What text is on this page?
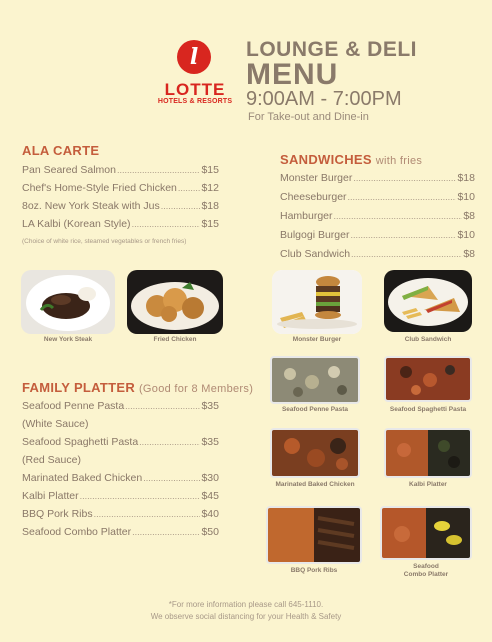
l
LOTTE
HOTELS & RESORTS
LOUNGE & DELI
MENU
9:00AM - 7:00PM
For Take-out and Dine-in
ALA CARTE
Pan Seared Salmon .....	$15
Chef's Home-Style Fried Chicken ..... $12
8oz. New York Steak with Jus .....	$18
LA Kalbi (Korean Style) .....	$15
(Choice of white rice, steamed vegetables or french fries)
SANDWICHES with fries
Monster Burger .....	$18
Cheeseburger .....	$10
Hamburger .....	$8
Bulgogi Burger .....	$10
Club Sandwich .....	$8
New York Steak	Fried Chicken	Monster Burger	Club Sandwich
FAMILY PLATTER (Good for 8 Members)
Seafood Penne Pasta .....	$35
(White Sauce)
Seafood Spaghetti Pasta .....	$35
(Red Sauce)
Marinated Baked Chicken .....	$30
Kalbi Platter .....	$45
BBQ Pork Ribs .....	$40
Seafood Combo Platter .....	$50
Seafood Penne Pasta	Seafood Spaghetti Pasta
Marinated Baked Chicken	Kalbi Platter
BBQ Pork Ribs
Seafood
Combo Platter
*For more information please call 645-1110.
We observe social distancing for your Health & Safety
